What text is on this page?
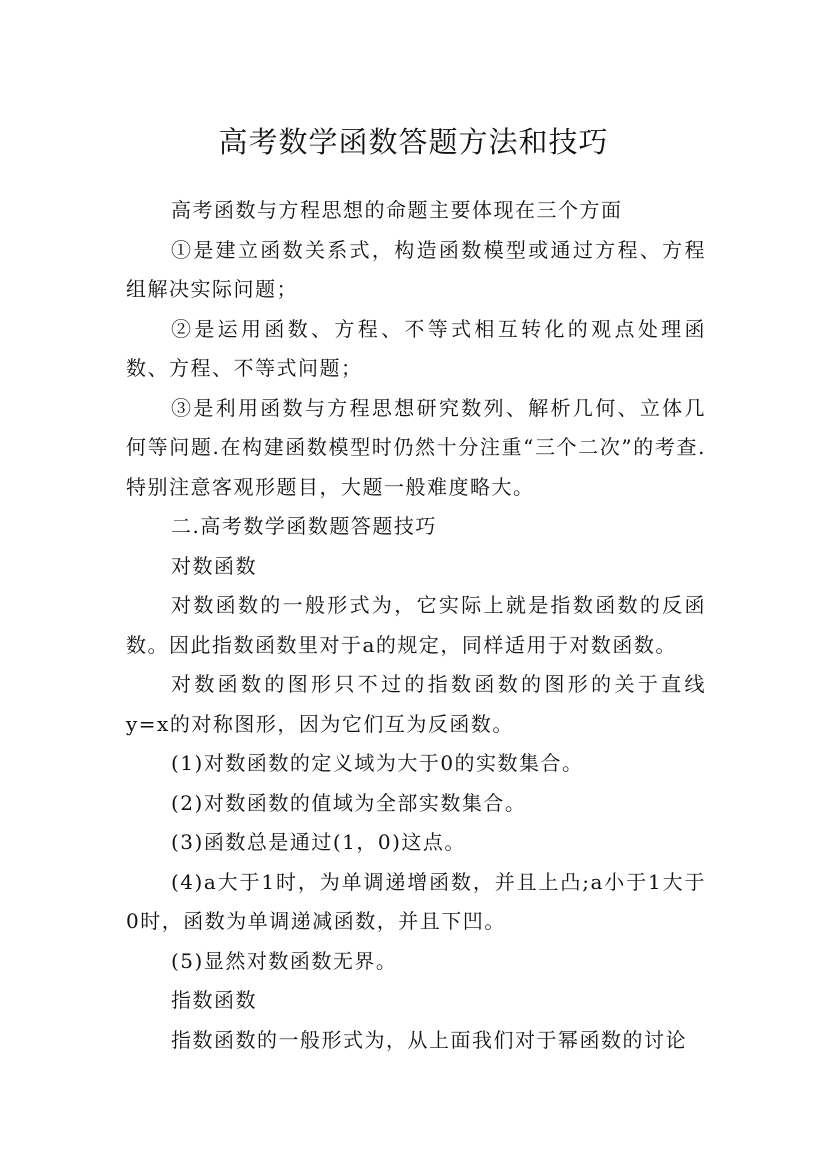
高考数学函数答题方法和技巧

高考函数与方程思想的命题主要体现在三个方面

①是建立函数关系式，构造函数模型或通过方程、方程组解决实际问题；

②是运用函数、方程、不等式相互转化的观点处理函数、方程、不等式问题；

③是利用函数与方程思想研究数列、解析几何、立体几何等问题.在构建函数模型时仍然十分注重“三个二次”的考查.特别注意客观形题目，大题一般难度略大。

二.高考数学函数题答题技巧

对数函数

对数函数的一般形式为，它实际上就是指数函数的反函数。因此指数函数里对于a的规定，同样适用于对数函数。

对数函数的图形只不过的指数函数的图形的关于直线y=x的对称图形，因为它们互为反函数。

(1)对数函数的定义域为大于0的实数集合。

(2)对数函数的值域为全部实数集合。

(3)函数总是通过(1，0)这点。

(4)a大于1时，为单调递增函数，并且上凸;a小于1大于0时，函数为单调递减函数，并且下凹。

(5)显然对数函数无界。

指数函数

指数函数的一般形式为，从上面我们对于幂函数的讨论
